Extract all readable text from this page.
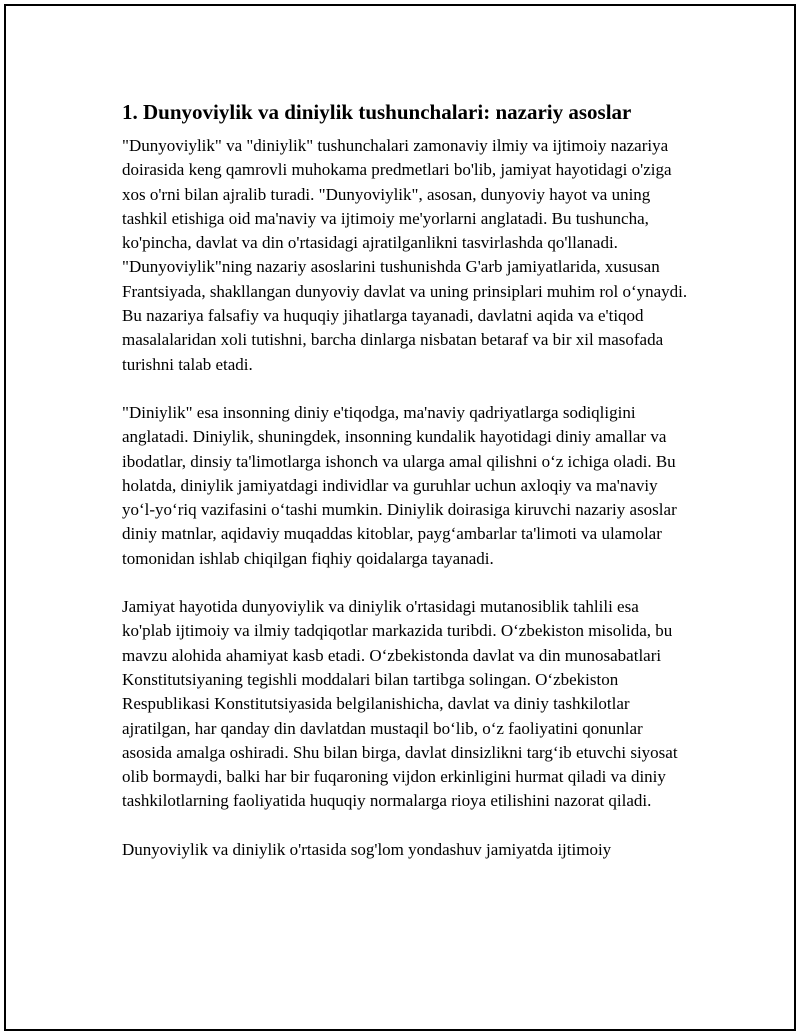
1. Dunyoviylik va diniylik tushunchalari: nazariy asoslar

"Dunyoviylik" va "diniylik" tushunchalari zamonaviy ilmiy va ijtimoiy nazariya doirasida keng qamrovli muhokama predmetlari bo'lib, jamiyat hayotidagi o'ziga xos o'rni bilan ajralib turadi. "Dunyoviylik", asosan, dunyoviy hayot va uning tashkil etishiga oid ma'naviy va ijtimoiy me'yorlarni anglatadi. Bu tushuncha, ko'pincha, davlat va din o'rtasidagi ajratilganlikni tasvirlashda qo'llanadi. "Dunyoviylik"ning nazariy asoslarini tushunishda G'arb jamiyatlarida, xususan Frantsiyada, shakllangan dunyoviy davlat va uning prinsiplari muhim rol o‘ynaydi. Bu nazariya falsafiy va huquqiy jihatlarga tayanadi, davlatni aqida va e'tiqod masalalaridan xoli tutishni, barcha dinlarga nisbatan betaraf va bir xil masofada turishni talab etadi.

"Diniylik" esa insonning diniy e'tiqodga, ma'naviy qadriyatlarga sodiqligini anglatadi. Diniylik, shuningdek, insonning kundalik hayotidagi diniy amallar va ibodatlar, dinsiy ta'limotlarga ishonch va ularga amal qilishni o‘z ichiga oladi. Bu holatda, diniylik jamiyatdagi individlar va guruhlar uchun axloqiy va ma'naviy yo‘l-yo‘riq vazifasini o‘tashi mumkin. Diniylik doirasiga kiruvchi nazariy asoslar diniy matnlar, aqidaviy muqaddas kitoblar, payg‘ambarlar ta'limoti va ulamolar tomonidan ishlab chiqilgan fiqhiy qoidalarga tayanadi.

Jamiyat hayotida dunyoviylik va diniylik o'rtasidagi mutanosiblik tahlili esa ko'plab ijtimoiy va ilmiy tadqiqotlar markazida turibdi. O‘zbekiston misolida, bu mavzu alohida ahamiyat kasb etadi. O‘zbekistonda davlat va din munosabatlari Konstitutsiyaning tegishli moddalari bilan tartibga solingan. O‘zbekiston Respublikasi Konstitutsiyasida belgilanishicha, davlat va diniy tashkilotlar ajratilgan, har qanday din davlatdan mustaqil bo‘lib, o‘z faoliyatini qonunlar asosida amalga oshiradi. Shu bilan birga, davlat dinsizlikni targ‘ib etuvchi siyosat olib bormaydi, balki har bir fuqaroning vijdon erkinligini hurmat qiladi va diniy tashkilotlarning faoliyatida huquqiy normalarga rioya etilishini nazorat qiladi.

Dunyoviylik va diniylik o'rtasida sog'lom yondashuv jamiyatda ijtimoiy
